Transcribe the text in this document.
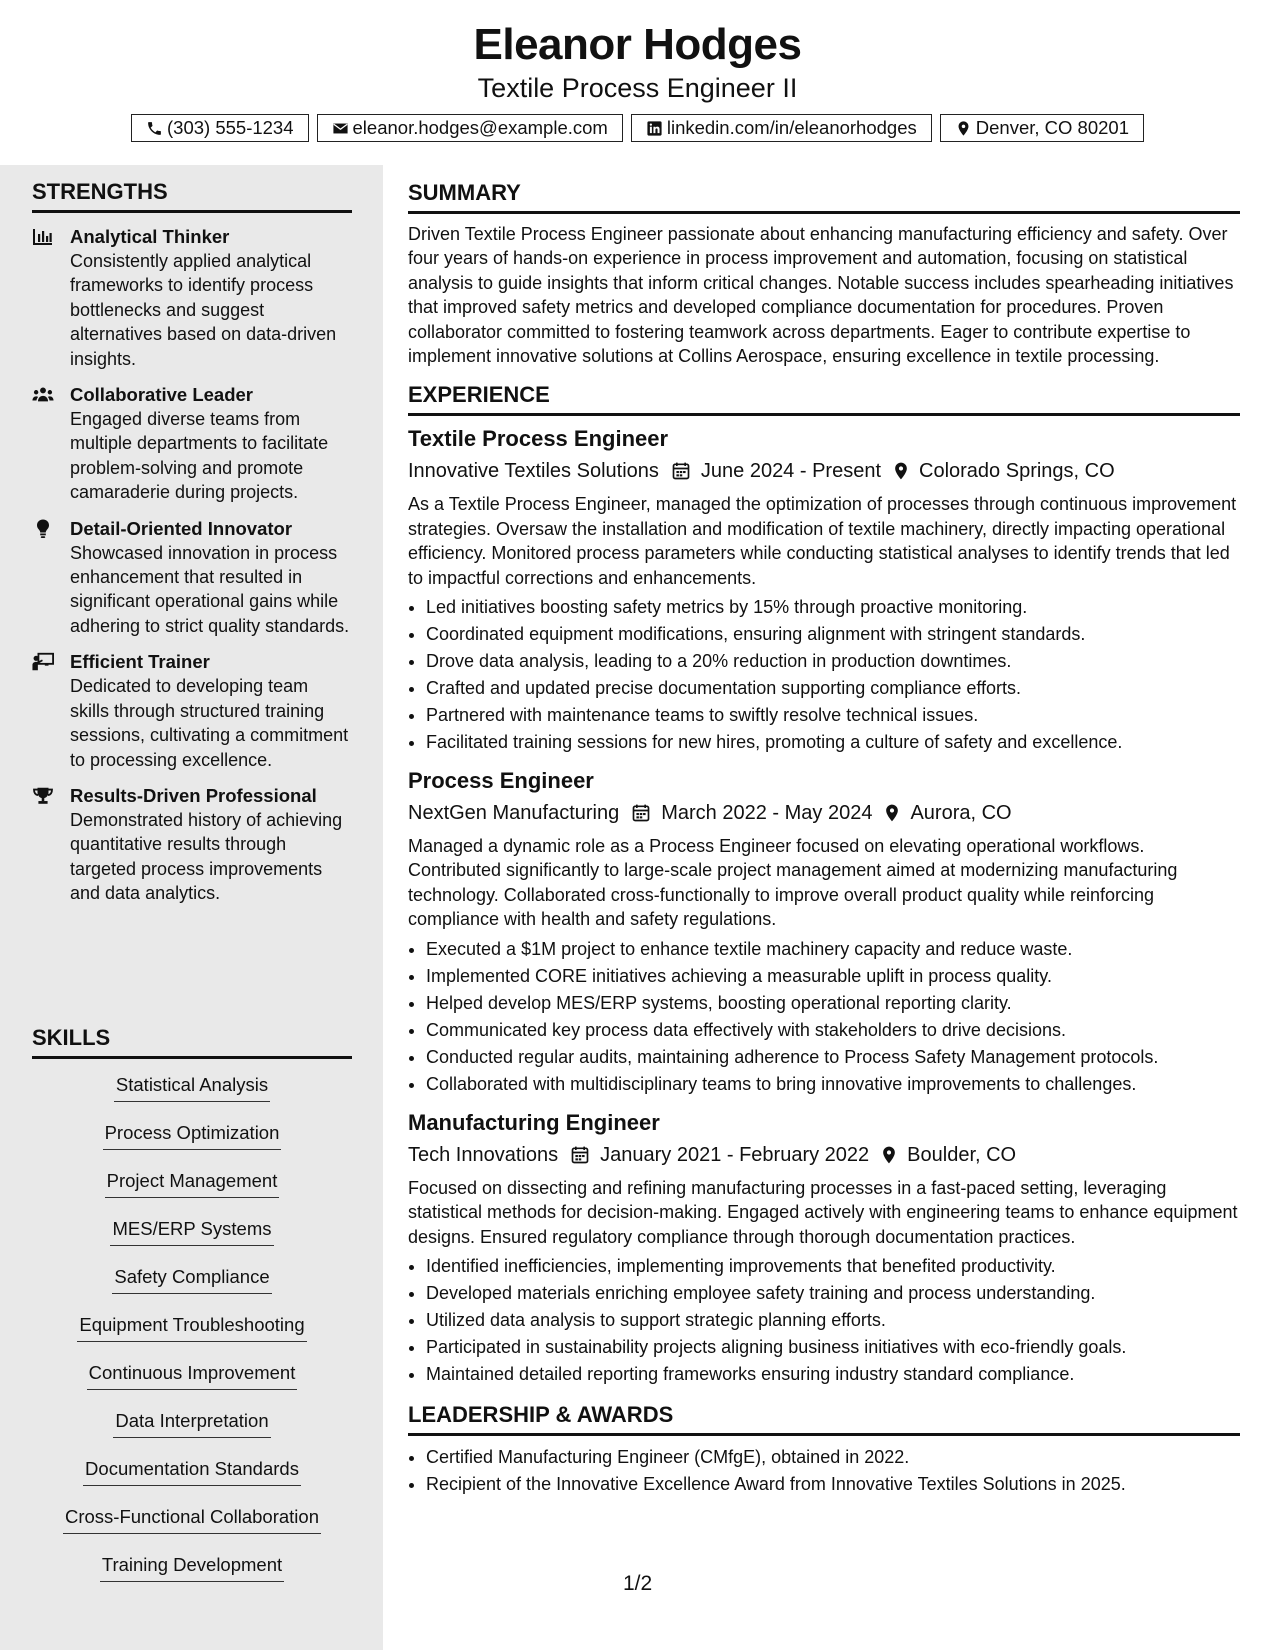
Eleanor Hodges
Textile Process Engineer II
(303) 555-1234	eleanor.hodges@example.com	linkedin.com/in/eleanorhodges	Denver, CO 80201
STRENGTHS
Analytical Thinker
Consistently applied analytical frameworks to identify process bottlenecks and suggest alternatives based on data-driven insights.
Collaborative Leader
Engaged diverse teams from multiple departments to facilitate problem-solving and promote camaraderie during projects.
Detail-Oriented Innovator
Showcased innovation in process enhancement that resulted in significant operational gains while adhering to strict quality standards.
Efficient Trainer
Dedicated to developing team skills through structured training sessions, cultivating a commitment to processing excellence.
Results-Driven Professional
Demonstrated history of achieving quantitative results through targeted process improvements and data analytics.
SKILLS
Statistical Analysis
Process Optimization
Project Management
MES/ERP Systems
Safety Compliance
Equipment Troubleshooting
Continuous Improvement
Data Interpretation
Documentation Standards
Cross-Functional Collaboration
Training Development
SUMMARY
Driven Textile Process Engineer passionate about enhancing manufacturing efficiency and safety. Over four years of hands-on experience in process improvement and automation, focusing on statistical analysis to guide insights that inform critical changes. Notable success includes spearheading initiatives that improved safety metrics and developed compliance documentation for procedures. Proven collaborator committed to fostering teamwork across departments. Eager to contribute expertise to implement innovative solutions at Collins Aerospace, ensuring excellence in textile processing.
EXPERIENCE
Textile Process Engineer
Innovative Textiles Solutions June 2024 - Present Colorado Springs, CO
As a Textile Process Engineer, managed the optimization of processes through continuous improvement strategies. Oversaw the installation and modification of textile machinery, directly impacting operational efficiency. Monitored process parameters while conducting statistical analyses to identify trends that led to impactful corrections and enhancements.
• Led initiatives boosting safety metrics by 15% through proactive monitoring.
• Coordinated equipment modifications, ensuring alignment with stringent standards.
• Drove data analysis, leading to a 20% reduction in production downtimes.
• Crafted and updated precise documentation supporting compliance efforts.
• Partnered with maintenance teams to swiftly resolve technical issues.
• Facilitated training sessions for new hires, promoting a culture of safety and excellence.
Process Engineer
NextGen Manufacturing March 2022 - May 2024 Aurora, CO
Managed a dynamic role as a Process Engineer focused on elevating operational workflows. Contributed significantly to large-scale project management aimed at modernizing manufacturing technology. Collaborated cross-functionally to improve overall product quality while reinforcing compliance with health and safety regulations.
• Executed a $1M project to enhance textile machinery capacity and reduce waste.
• Implemented CORE initiatives achieving a measurable uplift in process quality.
• Helped develop MES/ERP systems, boosting operational reporting clarity.
• Communicated key process data effectively with stakeholders to drive decisions.
• Conducted regular audits, maintaining adherence to Process Safety Management protocols.
• Collaborated with multidisciplinary teams to bring innovative improvements to challenges.
Manufacturing Engineer
Tech Innovations January 2021 - February 2022 Boulder, CO
Focused on dissecting and refining manufacturing processes in a fast-paced setting, leveraging statistical methods for decision-making. Engaged actively with engineering teams to enhance equipment designs. Ensured regulatory compliance through thorough documentation practices.
• Identified inefficiencies, implementing improvements that benefited productivity.
• Developed materials enriching employee safety training and process understanding.
• Utilized data analysis to support strategic planning efforts.
• Participated in sustainability projects aligning business initiatives with eco-friendly goals.
• Maintained detailed reporting frameworks ensuring industry standard compliance.
LEADERSHIP & AWARDS
• Certified Manufacturing Engineer (CMfgE), obtained in 2022.
• Recipient of the Innovative Excellence Award from Innovative Textiles Solutions in 2025.
1/2
